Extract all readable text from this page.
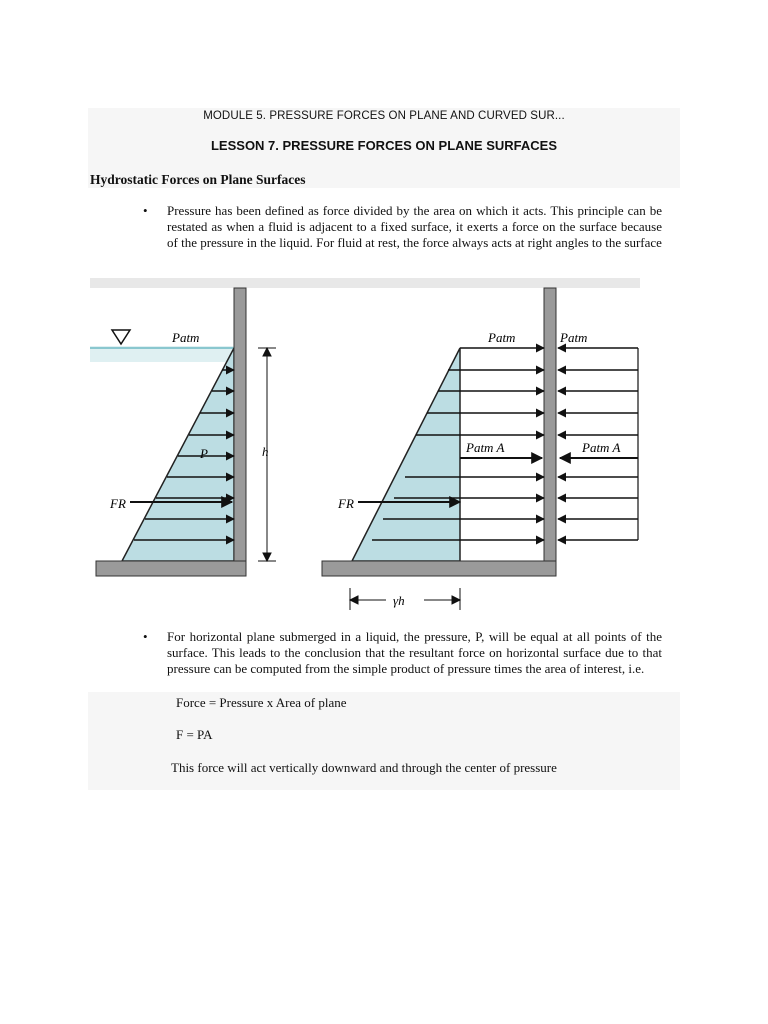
MODULE 5. PRESSURE FORCES ON PLANE AND CURVED SUR...
LESSON 7. PRESSURE FORCES ON PLANE SURFACES
Hydrostatic Forces on Plane Surfaces
• Pressure has been defined as force divided by the area on which it acts. This principle can be restated as when a fluid is adjacent to a fixed surface, it exerts a force on the surface because of the pressure in the liquid. For fluid at rest, the force always acts at right angles to the surface
Patm
P
FR
h
Patm	Patm
Patm A	Patm A
FR
γh
• For horizontal plane submerged in a liquid, the pressure, P, will be equal at all points of the surface. This leads to the conclusion that the resultant force on horizontal surface due to that pressure can be computed from the simple product of pressure times the area of interest, i.e.
Force = Pressure x Area of plane
F = PA
This force will act vertically downward and through the center of pressure
